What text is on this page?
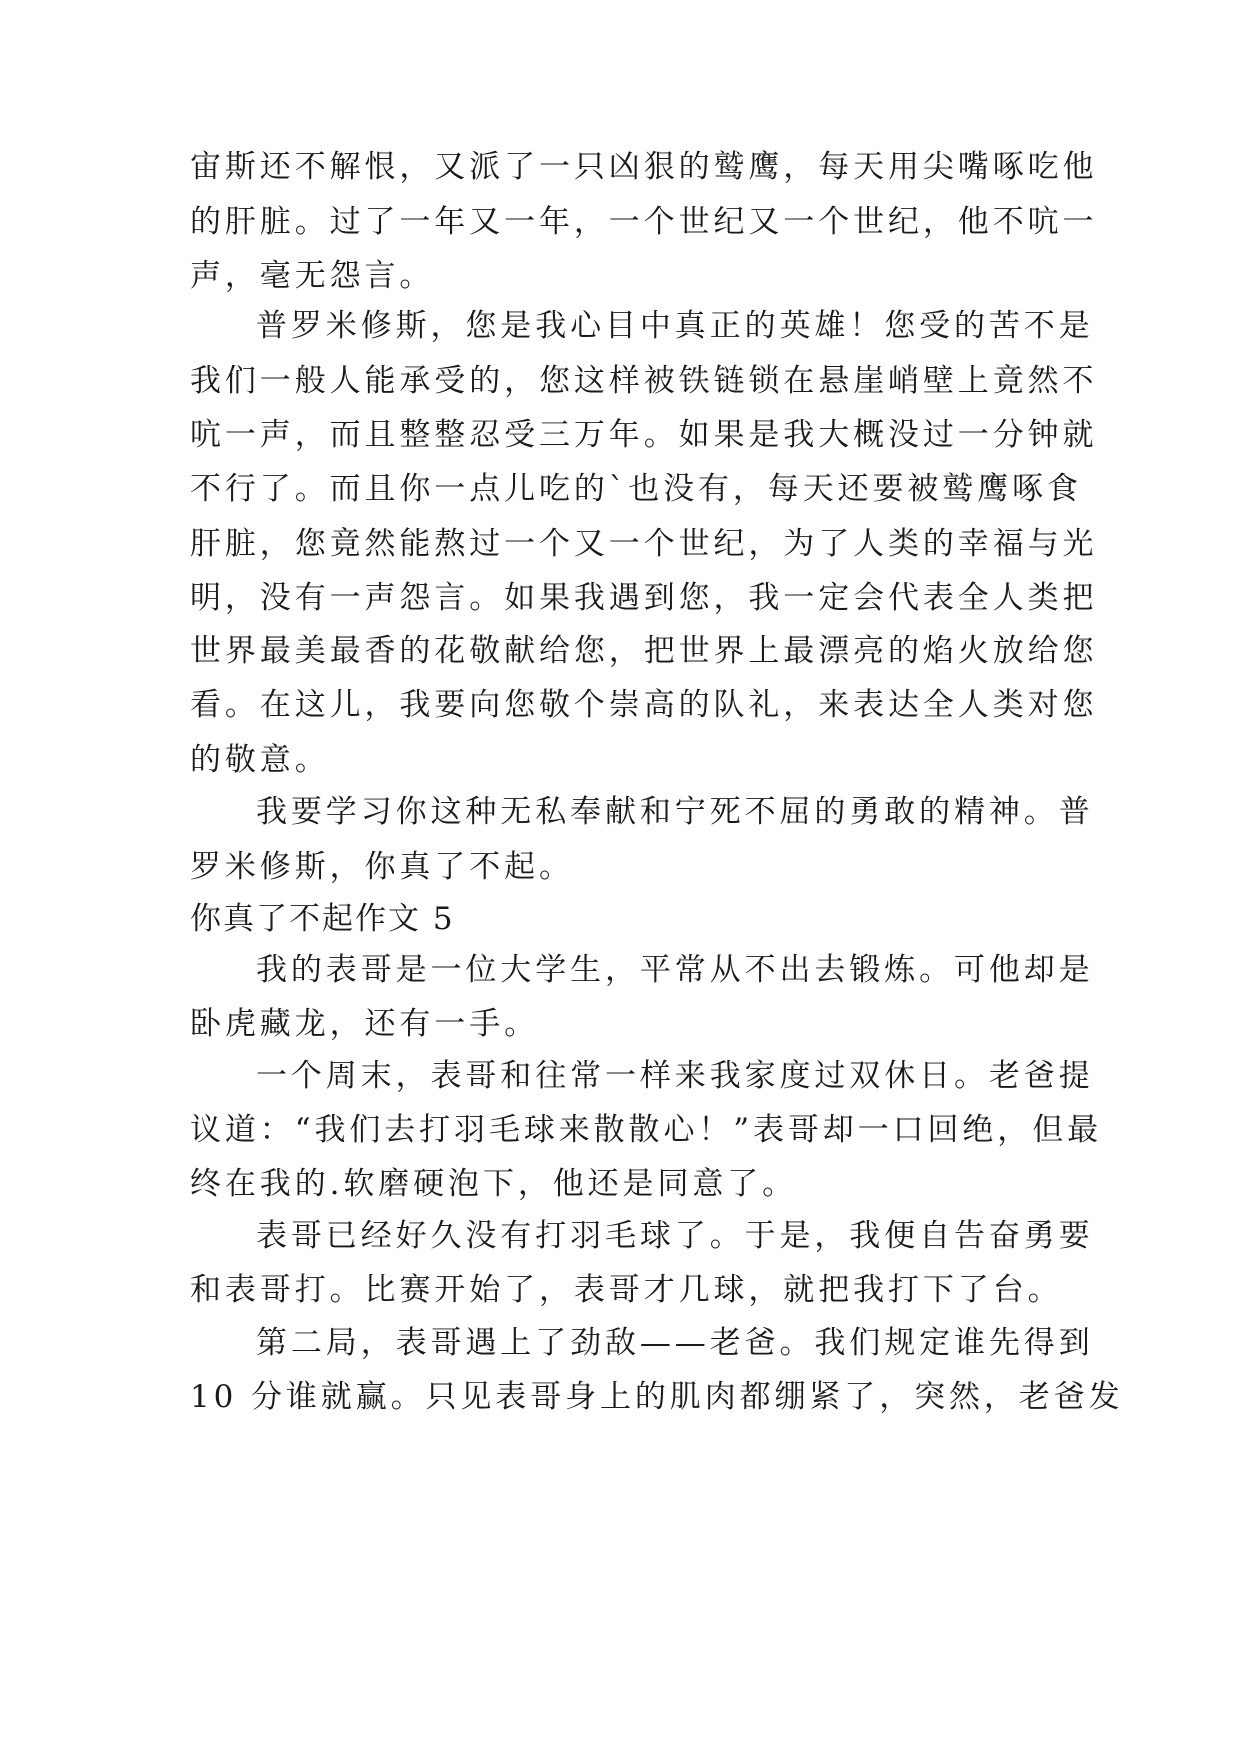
宙斯还不解恨，又派了一只凶狠的鹫鹰，每天用尖嘴啄吃他
的肝脏。过了一年又一年，一个世纪又一个世纪，他不吭一
声，毫无怨言。
普罗米修斯，您是我心目中真正的英雄！您受的苦不是
我们一般人能承受的，您这样被铁链锁在悬崖峭壁上竟然不
吭一声，而且整整忍受三万年。如果是我大概没过一分钟就
不行了。而且你一点儿吃的`也没有，每天还要被鹫鹰啄食
肝脏，您竟然能熬过一个又一个世纪，为了人类的幸福与光
明，没有一声怨言。如果我遇到您，我一定会代表全人类把
世界最美最香的花敬献给您，把世界上最漂亮的焰火放给您
看。在这儿，我要向您敬个崇高的队礼，来表达全人类对您
的敬意。
我要学习你这种无私奉献和宁死不屈的勇敢的精神。普
罗米修斯，你真了不起。
你真了不起作文 5
我的表哥是一位大学生，平常从不出去锻炼。可他却是
卧虎藏龙，还有一手。
一个周末，表哥和往常一样来我家度过双休日。老爸提
议道：“我们去打羽毛球来散散心！”表哥却一口回绝，但最
终在我的.软磨硬泡下，他还是同意了。
表哥已经好久没有打羽毛球了。于是，我便自告奋勇要
和表哥打。比赛开始了，表哥才几球，就把我打下了台。
第二局，表哥遇上了劲敌——老爸。我们规定谁先得到
10 分谁就赢。只见表哥身上的肌肉都绷紧了，突然，老爸发
